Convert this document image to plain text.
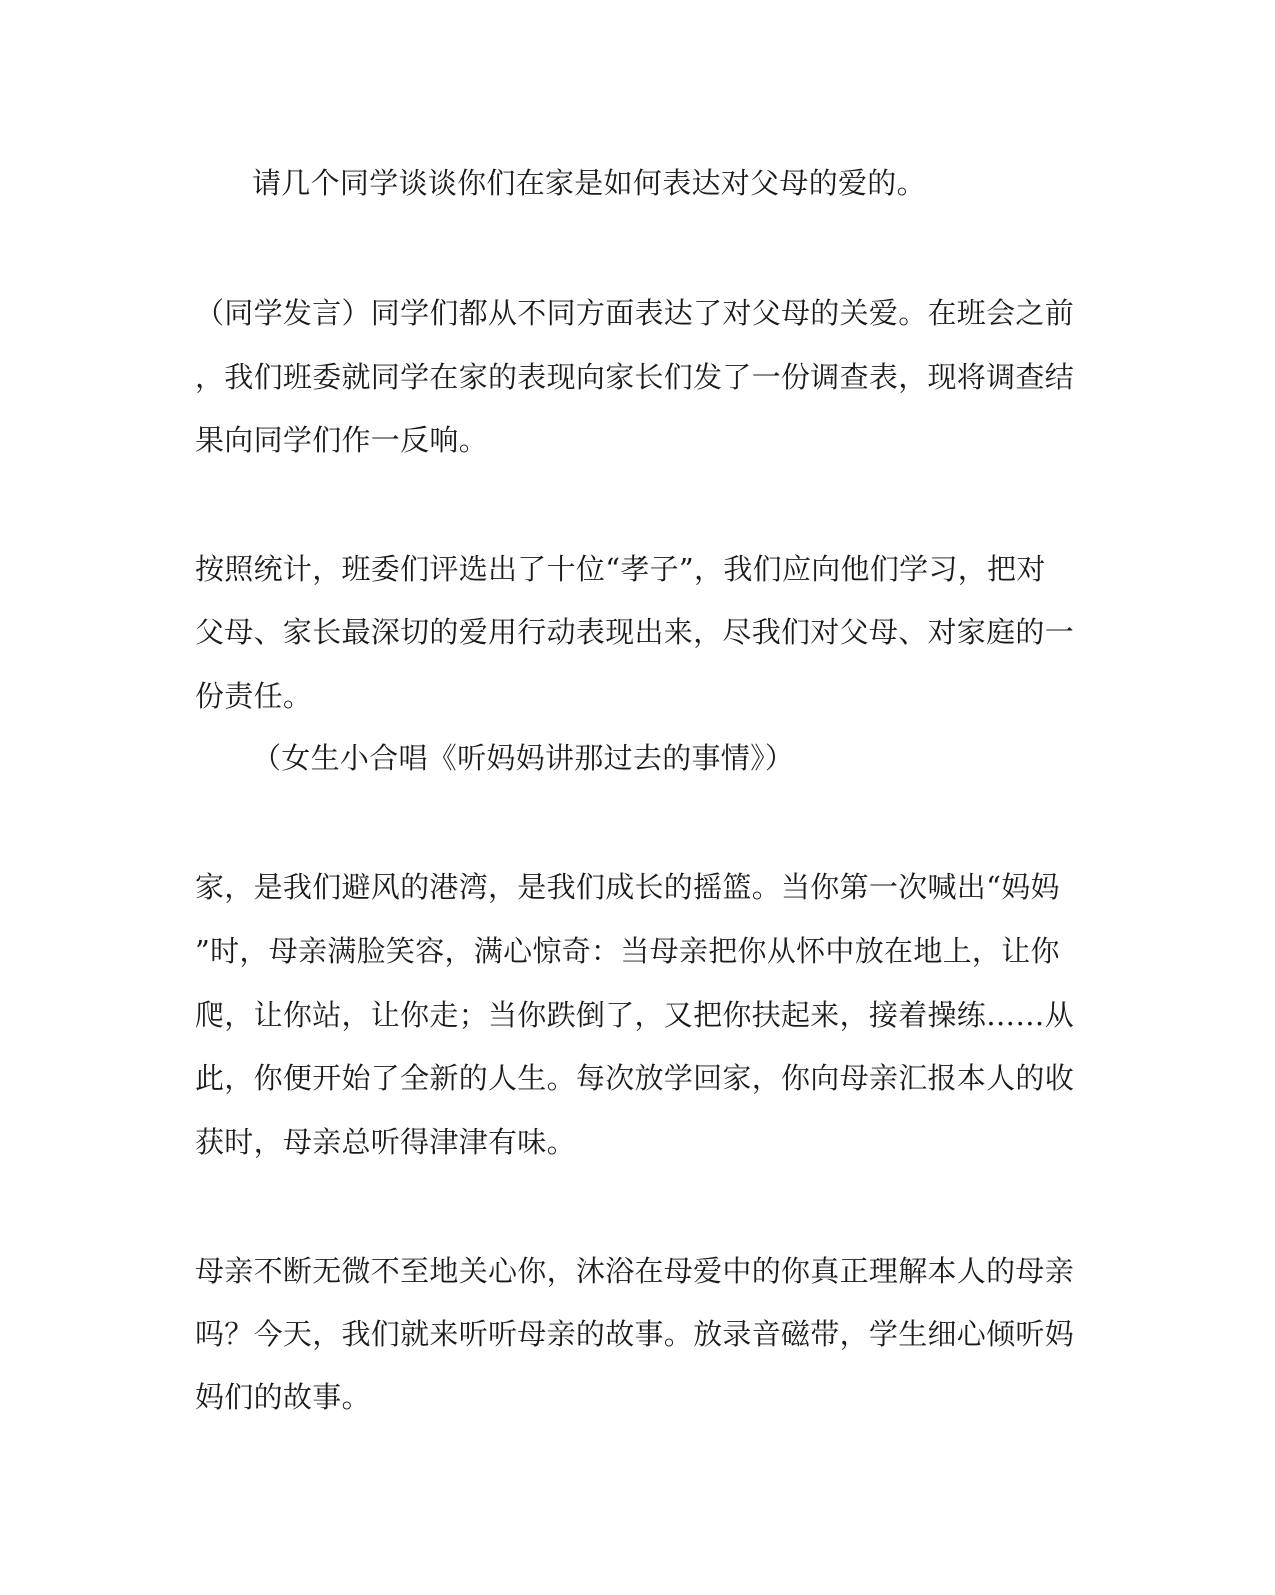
请几个同学谈谈你们在家是如何表达对父母的爱的。
（同学发言）同学们都从不同方面表达了对父母的关爱。在班会之前
，我们班委就同学在家的表现向家长们发了一份调查表，现将调查结
果向同学们作一反响。
按照统计，班委们评选出了十位“孝子”，我们应向他们学习，把对
父母、家长最深切的爱用行动表现出来，尽我们对父母、对家庭的一
份责任。
（女生小合唱《听妈妈讲那过去的事情》）
家，是我们避风的港湾，是我们成长的摇篮。当你第一次喊出“妈妈
”时，母亲满脸笑容，满心惊奇：当母亲把你从怀中放在地上，让你
爬，让你站，让你走；当你跌倒了，又把你扶起来，接着操练……从
此，你便开始了全新的人生。每次放学回家，你向母亲汇报本人的收
获时，母亲总听得津津有味。
母亲不断无微不至地关心你，沐浴在母爱中的你真正理解本人的母亲
吗？今天，我们就来听听母亲的故事。放录音磁带，学生细心倾听妈
妈们的故事。
